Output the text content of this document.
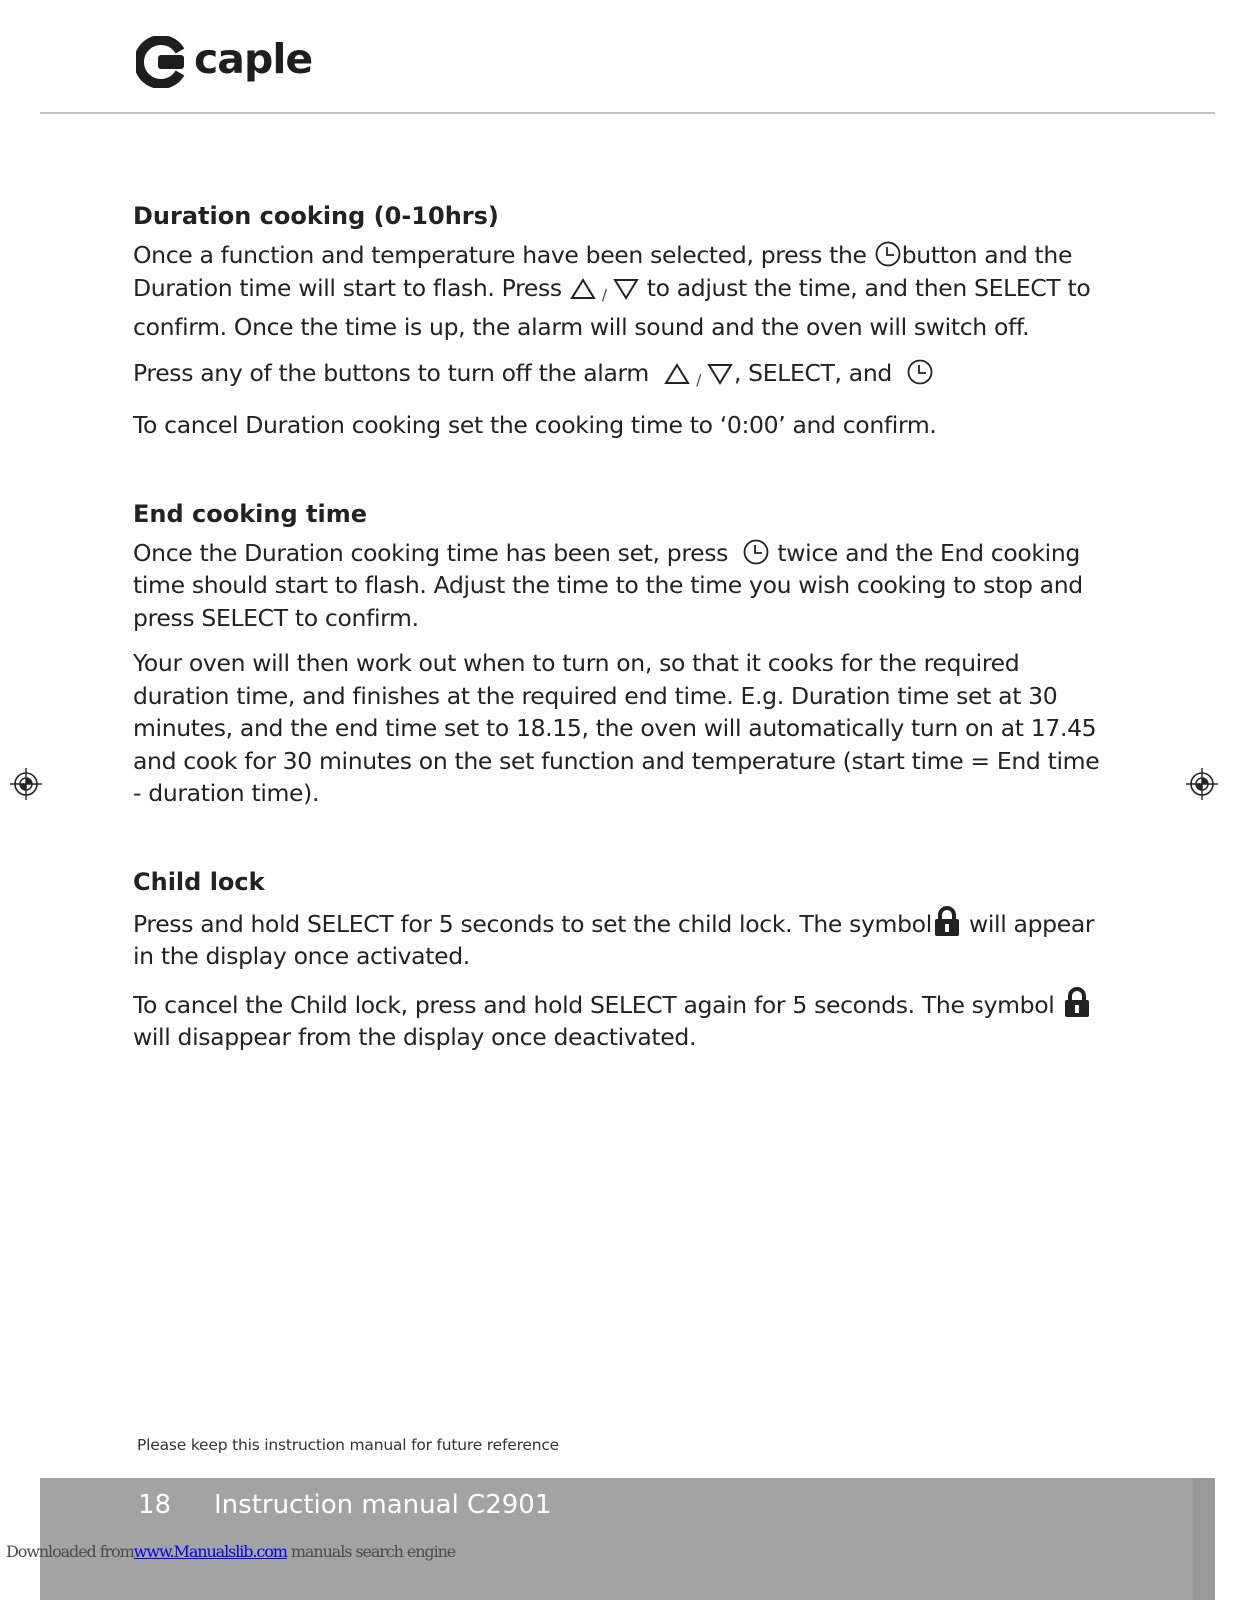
caple
Duration cooking (0-10hrs)

Once a function and temperature have been selected, press the button and the Duration time will start to flash. Press	/ to adjust the time, and then SELECT to confirm. Once the time is up, the alarm will sound and the oven will switch off.

Press any of the buttons to turn off the alarm	/ , SELECT, and

To cancel Duration cooking set the cooking time to ‘0:00’ and confirm.

End cooking time

Once the Duration cooking time has been set, press twice and the End cooking time should start to flash. Adjust the time to the time you wish cooking to stop and press SELECT to confirm.

Your oven will then work out when to turn on, so that it cooks for the required duration time, and finishes at the required end time. E.g. Duration time set at 30 minutes, and the end time set to 18.15, the oven will automatically turn on at 17.45 and cook for 30 minutes on the set function and temperature (start time = End time - duration time).

Child lock

Press and hold SELECT for 5 seconds to set the child lock. The symbol will appear in the display once activated.

To cancel the Child lock, press and hold SELECT again for 5 seconds. The symbol  will disappear from the display once deactivated.

Please keep this instruction manual for future reference
18 Instruction manual C2901
Downloaded fromwww.Manualslib.com manuals search engine
